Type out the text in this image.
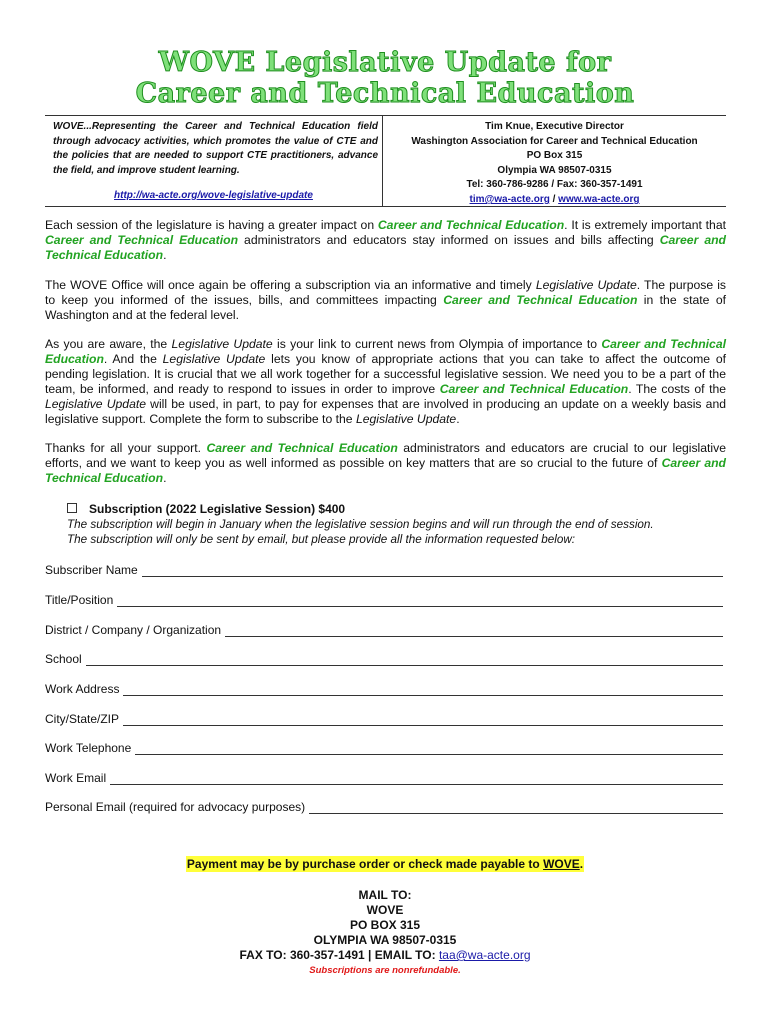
WOVE Legislative Update for
Career and Technical Education
WOVE...Representing the Career and Technical Education field through advocacy activities, which promotes the value of CTE and the policies that are needed to support CTE practitioners, advance the field, and improve student learning.
http://wa-acte.org/wove-legislative-update
Tim Knue, Executive Director
Washington Association for Career and Technical Education
PO Box 315
Olympia WA 98507-0315
Tel: 360-786-9286 / Fax: 360-357-1491
tim@wa-acte.org / www.wa-acte.org
Each session of the legislature is having a greater impact on Career and Technical Education. It is extremely important that Career and Technical Education administrators and educators stay informed on issues and bills affecting Career and Technical Education.
The WOVE Office will once again be offering a subscription via an informative and timely Legislative Update. The purpose is to keep you informed of the issues, bills, and committees impacting Career and Technical Education in the state of Washington and at the federal level.
As you are aware, the Legislative Update is your link to current news from Olympia of importance to Career and Technical Education. And the Legislative Update lets you know of appropriate actions that you can take to affect the outcome of pending legislation. It is crucial that we all work together for a successful legislative session. We need you to be a part of the team, be informed, and ready to respond to issues in order to improve Career and Technical Education. The costs of the Legislative Update will be used, in part, to pay for expenses that are involved in producing an update on a weekly basis and legislative support. Complete the form to subscribe to the Legislative Update.
Thanks for all your support. Career and Technical Education administrators and educators are crucial to our legislative efforts, and we want to keep you as well informed as possible on key matters that are so crucial to the future of Career and Technical Education.
Subscription (2022 Legislative Session) $400
The subscription will begin in January when the legislative session begins and will run through the end of session.
The subscription will only be sent by email, but please provide all the information requested below:
Subscriber Name
Title/Position
District / Company / Organization
School
Work Address
City/State/ZIP
Work Telephone
Work Email
Personal Email (required for advocacy purposes)
Payment may be by purchase order or check made payable to WOVE.
MAIL TO:
WOVE
PO BOX 315
OLYMPIA WA 98507-0315
FAX TO: 360-357-1491 | EMAIL TO: taa@wa-acte.org
Subscriptions are nonrefundable.
